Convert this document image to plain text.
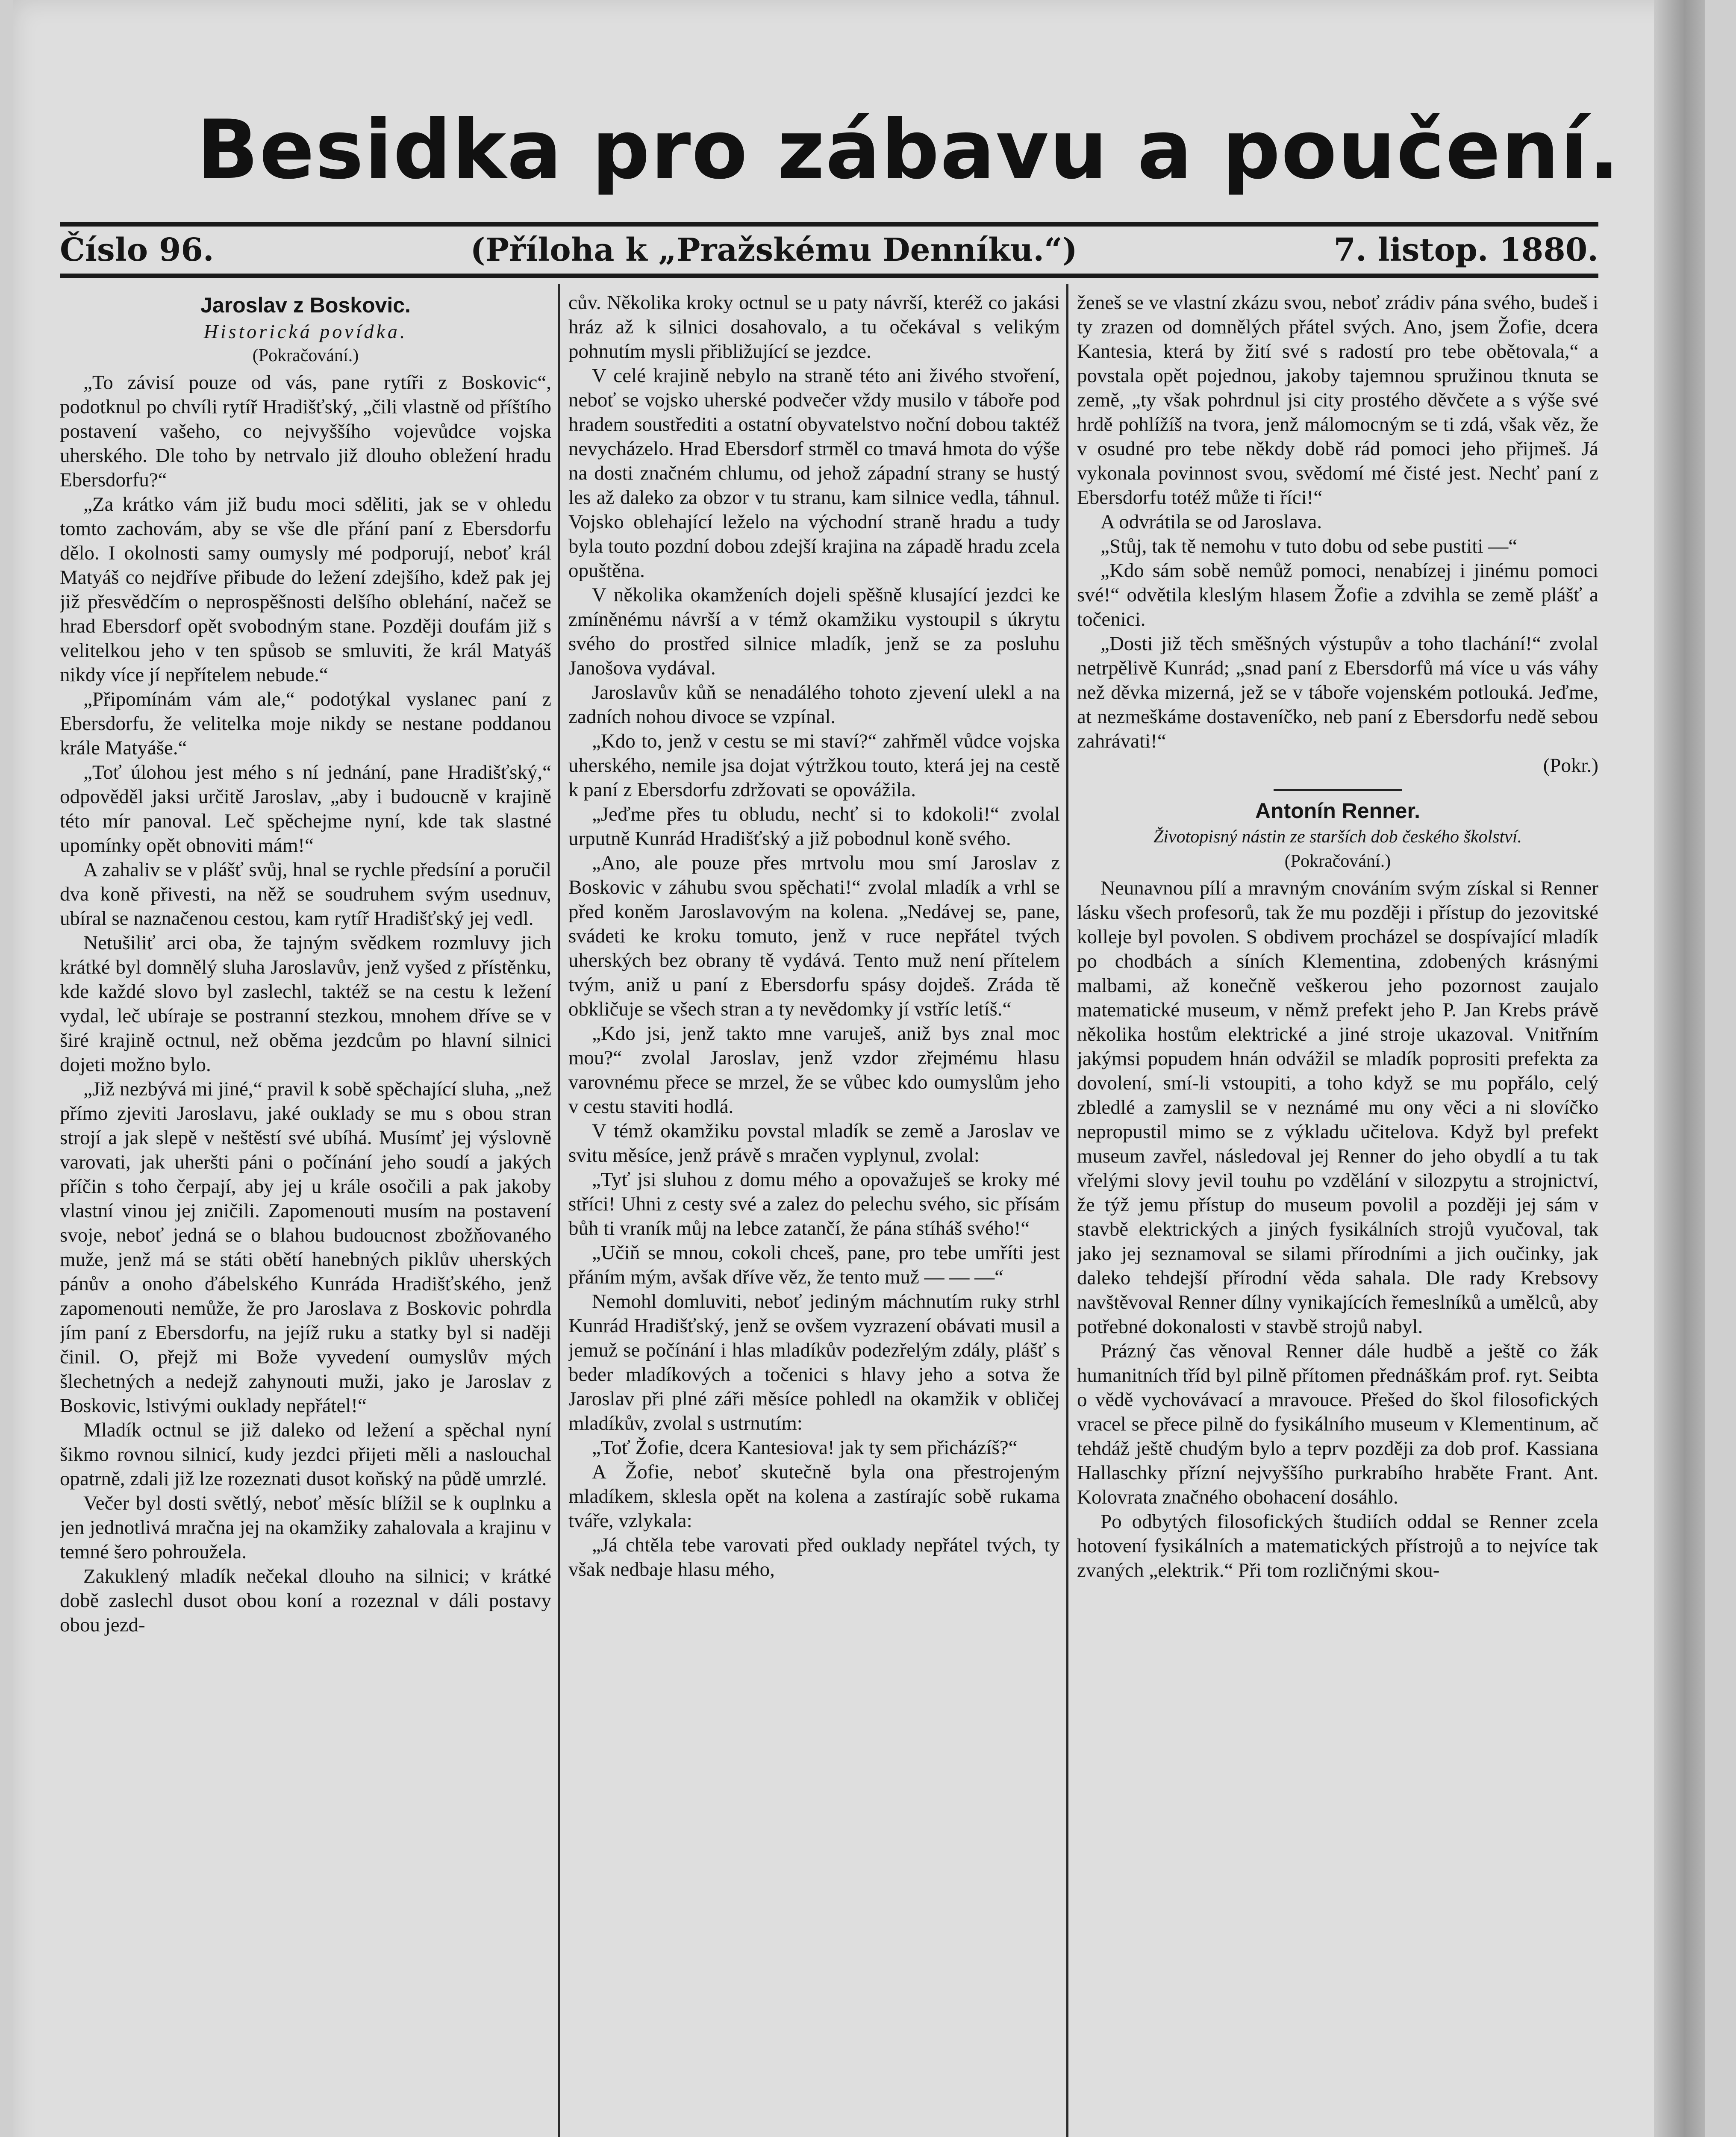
Besidka pro zábavu a poučení.
Číslo 96.	(Příloha k „Pražskému Denníku.“)	7. listop. 1880.
Jaroslav z Boskovic.
Historická povídka.
(Pokračování.)

„To závisí pouze od vás, pane rytíři z Boskovic“, podotknul po chvíli rytíř Hradišťský, „čili vlastně od příštího postavení vašeho, co nejvyššího vojevůdce vojska uherského. Dle toho by netrvalo již dlouho obležení hradu Ebersdorfu?“

„Za krátko vám již budu moci sděliti, jak se v ohledu tomto zachovám, aby se vše dle přání paní z Ebersdorfu dělo. I okolnosti samy oumysly mé podporují, neboť král Matyáš co nejdříve přibude do ležení zdejšího, kdež pak jej již přesvědčím o neprospěšnosti delšího oblehání, načež se hrad Ebersdorf opět svobodným stane. Později doufám již s velitelkou jeho v ten spůsob se smluviti, že král Matyáš nikdy více jí nepřítelem nebude.“

„Připomínám vám ale,“ podotýkal vyslanec paní z Ebersdorfu, že velitelka moje nikdy se nestane poddanou krále Matyáše.“

„Toť úlohou jest mého s ní jednání, pane Hradišťský,“ odpověděl jaksi určitě Jaroslav, „aby i budoucně v krajině této mír panoval. Leč spěchejme nyní, kde tak slastné upomínky opět obnoviti mám!“

A zahaliv se v plášť svůj, hnal se rychle předsíní a poručil dva koně přivesti, na něž se soudruhem svým usednuv, ubíral se naznačenou cestou, kam rytíř Hradišťský jej vedl.

Netušiliť arci oba, že tajným svědkem rozmluvy jich krátké byl domnělý sluha Jaroslavův, jenž vyšed z přístěnku, kde každé slovo byl zaslechl, taktéž se na cestu k ležení vydal, leč ubíraje se postranní stezkou, mnohem dříve se v širé krajině octnul, než oběma jezdcům po hlavní silnici dojeti možno bylo.

„Již nezbývá mi jiné,“ pravil k sobě spěchající sluha, „než přímo zjeviti Jaroslavu, jaké ouklady se mu s obou stran strojí a jak slepě v neštěstí své ubíhá. Musímť jej výslovně varovati, jak uheršti páni o počínání jeho soudí a jakých příčin s toho čerpají, aby jej u krále osočili a pak jakoby vlastní vinou jej zničili. Zapomenouti musím na postavení svoje, neboť jedná se o blahou budoucnost zbožňovaného muže, jenž má se státi obětí hanebných piklův uherských pánův a onoho ďábelského Kunráda Hradišťského, jenž zapomenouti nemůže, že pro Jaroslava z Boskovic pohrdla jím paní z Ebersdorfu, na jejíž ruku a statky byl si naději činil. O, přejž mi Bože vyvedení oumyslův mých šlechetných a nedejž zahynouti muži, jako je Jaroslav z Boskovic, lstivými ouklady nepřátel!“

Mladík octnul se již daleko od ležení a spěchal nyní šikmo rovnou silnicí, kudy jezdci přijeti měli a naslouchal opatrně, zdali již lze rozeznati dusot koňský na půdě umrzlé.

Večer byl dosti světlý, neboť měsíc blížil se k ouplnku a jen jednotlivá mračna jej na okamžiky zahalovala a krajinu v temné šero pohroužela.

Zakuklený mladík nečekal dlouho na silnici; v krátké době zaslechl dusot obou koní a rozeznal v dáli postavy obou jezd-

cův. Několika kroky octnul se u paty návrší, kteréž co jakási hráz až k silnici dosahovalo, a tu očekával s velikým pohnutím mysli přibližující se jezdce.

V celé krajině nebylo na straně této ani živého stvoření, neboť se vojsko uherské podvečer vždy musilo v táboře pod hradem soustřediti a ostatní obyvatelstvo noční dobou taktéž nevycházelo. Hrad Ebersdorf strměl co tmavá hmota do výše na dosti značném chlumu, od jehož západní strany se hustý les až daleko za obzor v tu stranu, kam silnice vedla, táhnul. Vojsko oblehající leželo na východní straně hradu a tudy byla touto pozdní dobou zdejší krajina na západě hradu zcela opuštěna.

V několika okamženích dojeli spěšně klusající jezdci ke zmíněnému návrší a v témž okamžiku vystoupil s úkrytu svého do prostřed silnice mladík, jenž se za posluhu Janošova vydával.

Jaroslavův kůň se nenadálého tohoto zjevení ulekl a na zadních nohou divoce se vzpínal.

„Kdo to, jenž v cestu se mi staví?“ zahřměl vůdce vojska uherského, nemile jsa dojat výtržkou touto, která jej na cestě k paní z Ebersdorfu zdržovati se opovážila.

„Jeďme přes tu obludu, nechť si to kdokoli!“ zvolal urputně Kunrád Hradišťský a již pobodnul koně svého.

„Ano, ale pouze přes mrtvolu mou smí Jaroslav z Boskovic v záhubu svou spěchati!“ zvolal mladík a vrhl se před koněm Jaroslavovým na kolena. „Nedávej se, pane, svádeti ke kroku tomuto, jenž v ruce nepřátel tvých uherských bez obrany tě vydává. Tento muž není přítelem tvým, aniž u paní z Ebersdorfu spásy dojdeš. Zráda tě obkličuje se všech stran a ty nevědomky jí vstříc letíš.“

„Kdo jsi, jenž takto mne varuješ, aniž bys znal moc mou?“ zvolal Jaroslav, jenž vzdor zřejmému hlasu varovnému přece se mrzel, že se vůbec kdo oumyslům jeho v cestu staviti hodlá.

V témž okamžiku povstal mladík se země a Jaroslav ve svitu měsíce, jenž právě s mračen vyplynul, zvolal:

„Tyť jsi sluhou z domu mého a opovažuješ se kroky mé stříci! Uhni z cesty své a zalez do pelechu svého, sic přísám bůh ti vraník můj na lebce zatančí, že pána stíháš svého!“

„Učiň se mnou, cokoli chceš, pane, pro tebe umříti jest přáním mým, avšak dříve věz, že tento muž — — —“

Nemohl domluviti, neboť jediným máchnutím ruky strhl Kunrád Hradišťský, jenž se ovšem vyzrazení obávati musil a jemuž se počínání i hlas mladíkův podezřelým zdály, plášť s beder mladíkových a točenici s hlavy jeho a sotva že Jaroslav při plné záři měsíce pohledl na okamžik v obličej mladíkův, zvolal s ustrnutím:

„Toť Žofie, dcera Kantesiova! jak ty sem přicházíš?“

A Žofie, neboť skutečně byla ona přestrojeným mladíkem, sklesla opět na kolena a zastírajíc sobě rukama tváře, vzlykala:

„Já chtěla tebe varovati před ouklady nepřátel tvých, ty však nedbaje hlasu mého,

ženeš se ve vlastní zkázu svou, neboť zrádiv pána svého, budeš i ty zrazen od domnělých přátel svých. Ano, jsem Žofie, dcera Kantesia, která by žití své s radostí pro tebe obětovala,“ a povstala opět pojednou, jakoby tajemnou spružinou tknuta se země, „ty však pohrdnul jsi city prostého děvčete a s výše své hrdě pohlížíš na tvora, jenž málomocným se ti zdá, však věz, že v osudné pro tebe někdy době rád pomoci jeho přijmeš. Já vykonala povinnost svou, svědomí mé čisté jest. Nechť paní z Ebersdorfu totéž může ti říci!“

A odvrátila se od Jaroslava.

„Stůj, tak tě nemohu v tuto dobu od sebe pustiti —“

„Kdo sám sobě nemůž pomoci, nenabízej i jinému pomoci své!“ odvětila kleslým hlasem Žofie a zdvihla se země plášť a točenici.

„Dosti již těch směšných výstupův a toho tlachání!“ zvolal netrpělivě Kunrád; „snad paní z Ebersdorfů má více u vás váhy než děvka mizerná, jež se v táboře vojenském potlouká. Jeďme, at nezmeškáme dostaveníčko, neb paní z Ebersdorfu nedě sebou zahrávati!“

(Pokr.)
Antonín Renner.
Životopisný nástin ze starších dob českého školství.
(Pokračování.)

Neunavnou pílí a mravným cnováním svým získal si Renner lásku všech profesorů, tak že mu později i přístup do jezovitské kolleje byl povolen. S obdivem procházel se dospívající mladík po chodbách a síních Klementina, zdobených krásnými malbami, až konečně veškerou jeho pozornost zaujalo matematické museum, v němž prefekt jeho P. Jan Krebs právě několika hostům elektrické a jiné stroje ukazoval. Vnitřním jakýmsi popudem hnán odvážil se mladík poprositi prefekta za dovolení, smí-li vstoupiti, a toho když se mu popřálo, celý zbledlé a zamyslil se v neznámé mu ony věci a ni slovíčko nepropustil mimo se z výkladu učitelova. Když byl prefekt museum zavřel, následoval jej Renner do jeho obydlí a tu tak vřelými slovy jevil touhu po vzdělání v silozpytu a strojnictví, že týž jemu přístup do museum povolil a později jej sám v stavbě elektrických a jiných fysikálních strojů vyučoval, tak jako jej seznamoval se silami přírodními a jich oučinky, jak daleko tehdejší přírodní věda sahala. Dle rady Krebsovy navštěvoval Renner dílny vynikajících řemeslníků a umělců, aby potřebné dokonalosti v stavbě strojů nabyl.

Prázný čas věnoval Renner dále hudbě a ještě co žák humanitních tříd byl pilně přítomen přednáškám prof. ryt. Seibta o vědě vychovávací a mravouce. Přešed do škol filosofických vracel se přece pilně do fysikálního museum v Klementinum, ač tehdáž ještě chudým bylo a teprv později za dob prof. Kassiana Hallaschky přízní nejvyššího purkrabího hraběte Frant. Ant. Kolovrata značného obohacení dosáhlo.

Po odbytých filosofických študiích oddal se Renner zcela hotovení fysikálních a matematických přístrojů a to nejvíce tak zvaných „elektrik.“ Při tom rozličnými skou-
